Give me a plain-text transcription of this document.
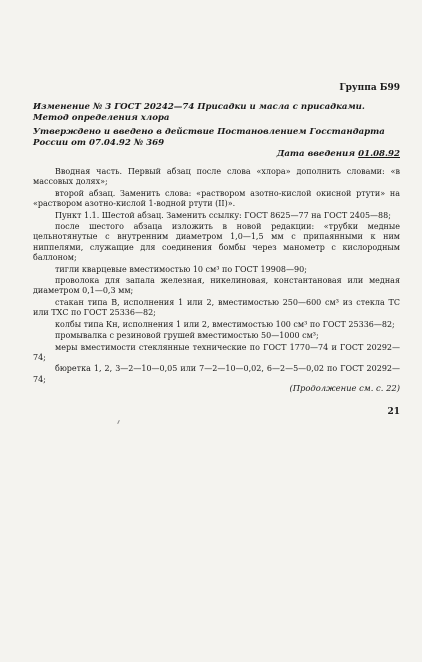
Группа Б99
Изменение № 3 ГОСТ 20242—74 Присадки и масла с присадками. Метод определения хлора
Утверждено и введено в действие Постановлением Госстандарта России от 07.04.92 № 369
Дата введения 01.08.92

Вводная часть. Первый абзац после слова «хлора» дополнить словами: «в массовых долях»;

второй абзац. Заменить слова: «раствором азотно-кислой окисной ртути» на «раствором азотно-кислой 1-водной ртути (II)».

Пункт 1.1. Шестой абзац. Заменить ссылку: ГОСТ 8625—77 на ГОСТ 2405—88;

после шестого абзаца изложить в новой редакции: «трубки медные цельнотянутые с внутренним диаметром 1,0—1,5 мм с припаянными к ним ниппелями, служащие для соединения бомбы через манометр с кислородным баллоном;

тигли кварцевые вместимостью 10 см³ по ГОСТ 19908—90;

проволока для запала железная, никелиновая, константановая или медная диаметром 0,1—0,3 мм;

стакан типа В, исполнения 1 или 2, вместимостью 250—600 см³ из стекла ТС или ТХС по ГОСТ 25336—82;

колбы типа Кн, исполнения 1 или 2, вместимостью 100 см³ по ГОСТ 25336—82;

промывалка с резиновой грушей вместимостью 50—1000 см³;

меры вместимости стеклянные технические по ГОСТ 1770—74 и ГОСТ 20292—74;

бюретка 1, 2, 3—2—10—0,05 или 7—2—10—0,02, 6—2—5—0,02 по ГОСТ 20292—74;

(Продолжение см. с. 22)
21
